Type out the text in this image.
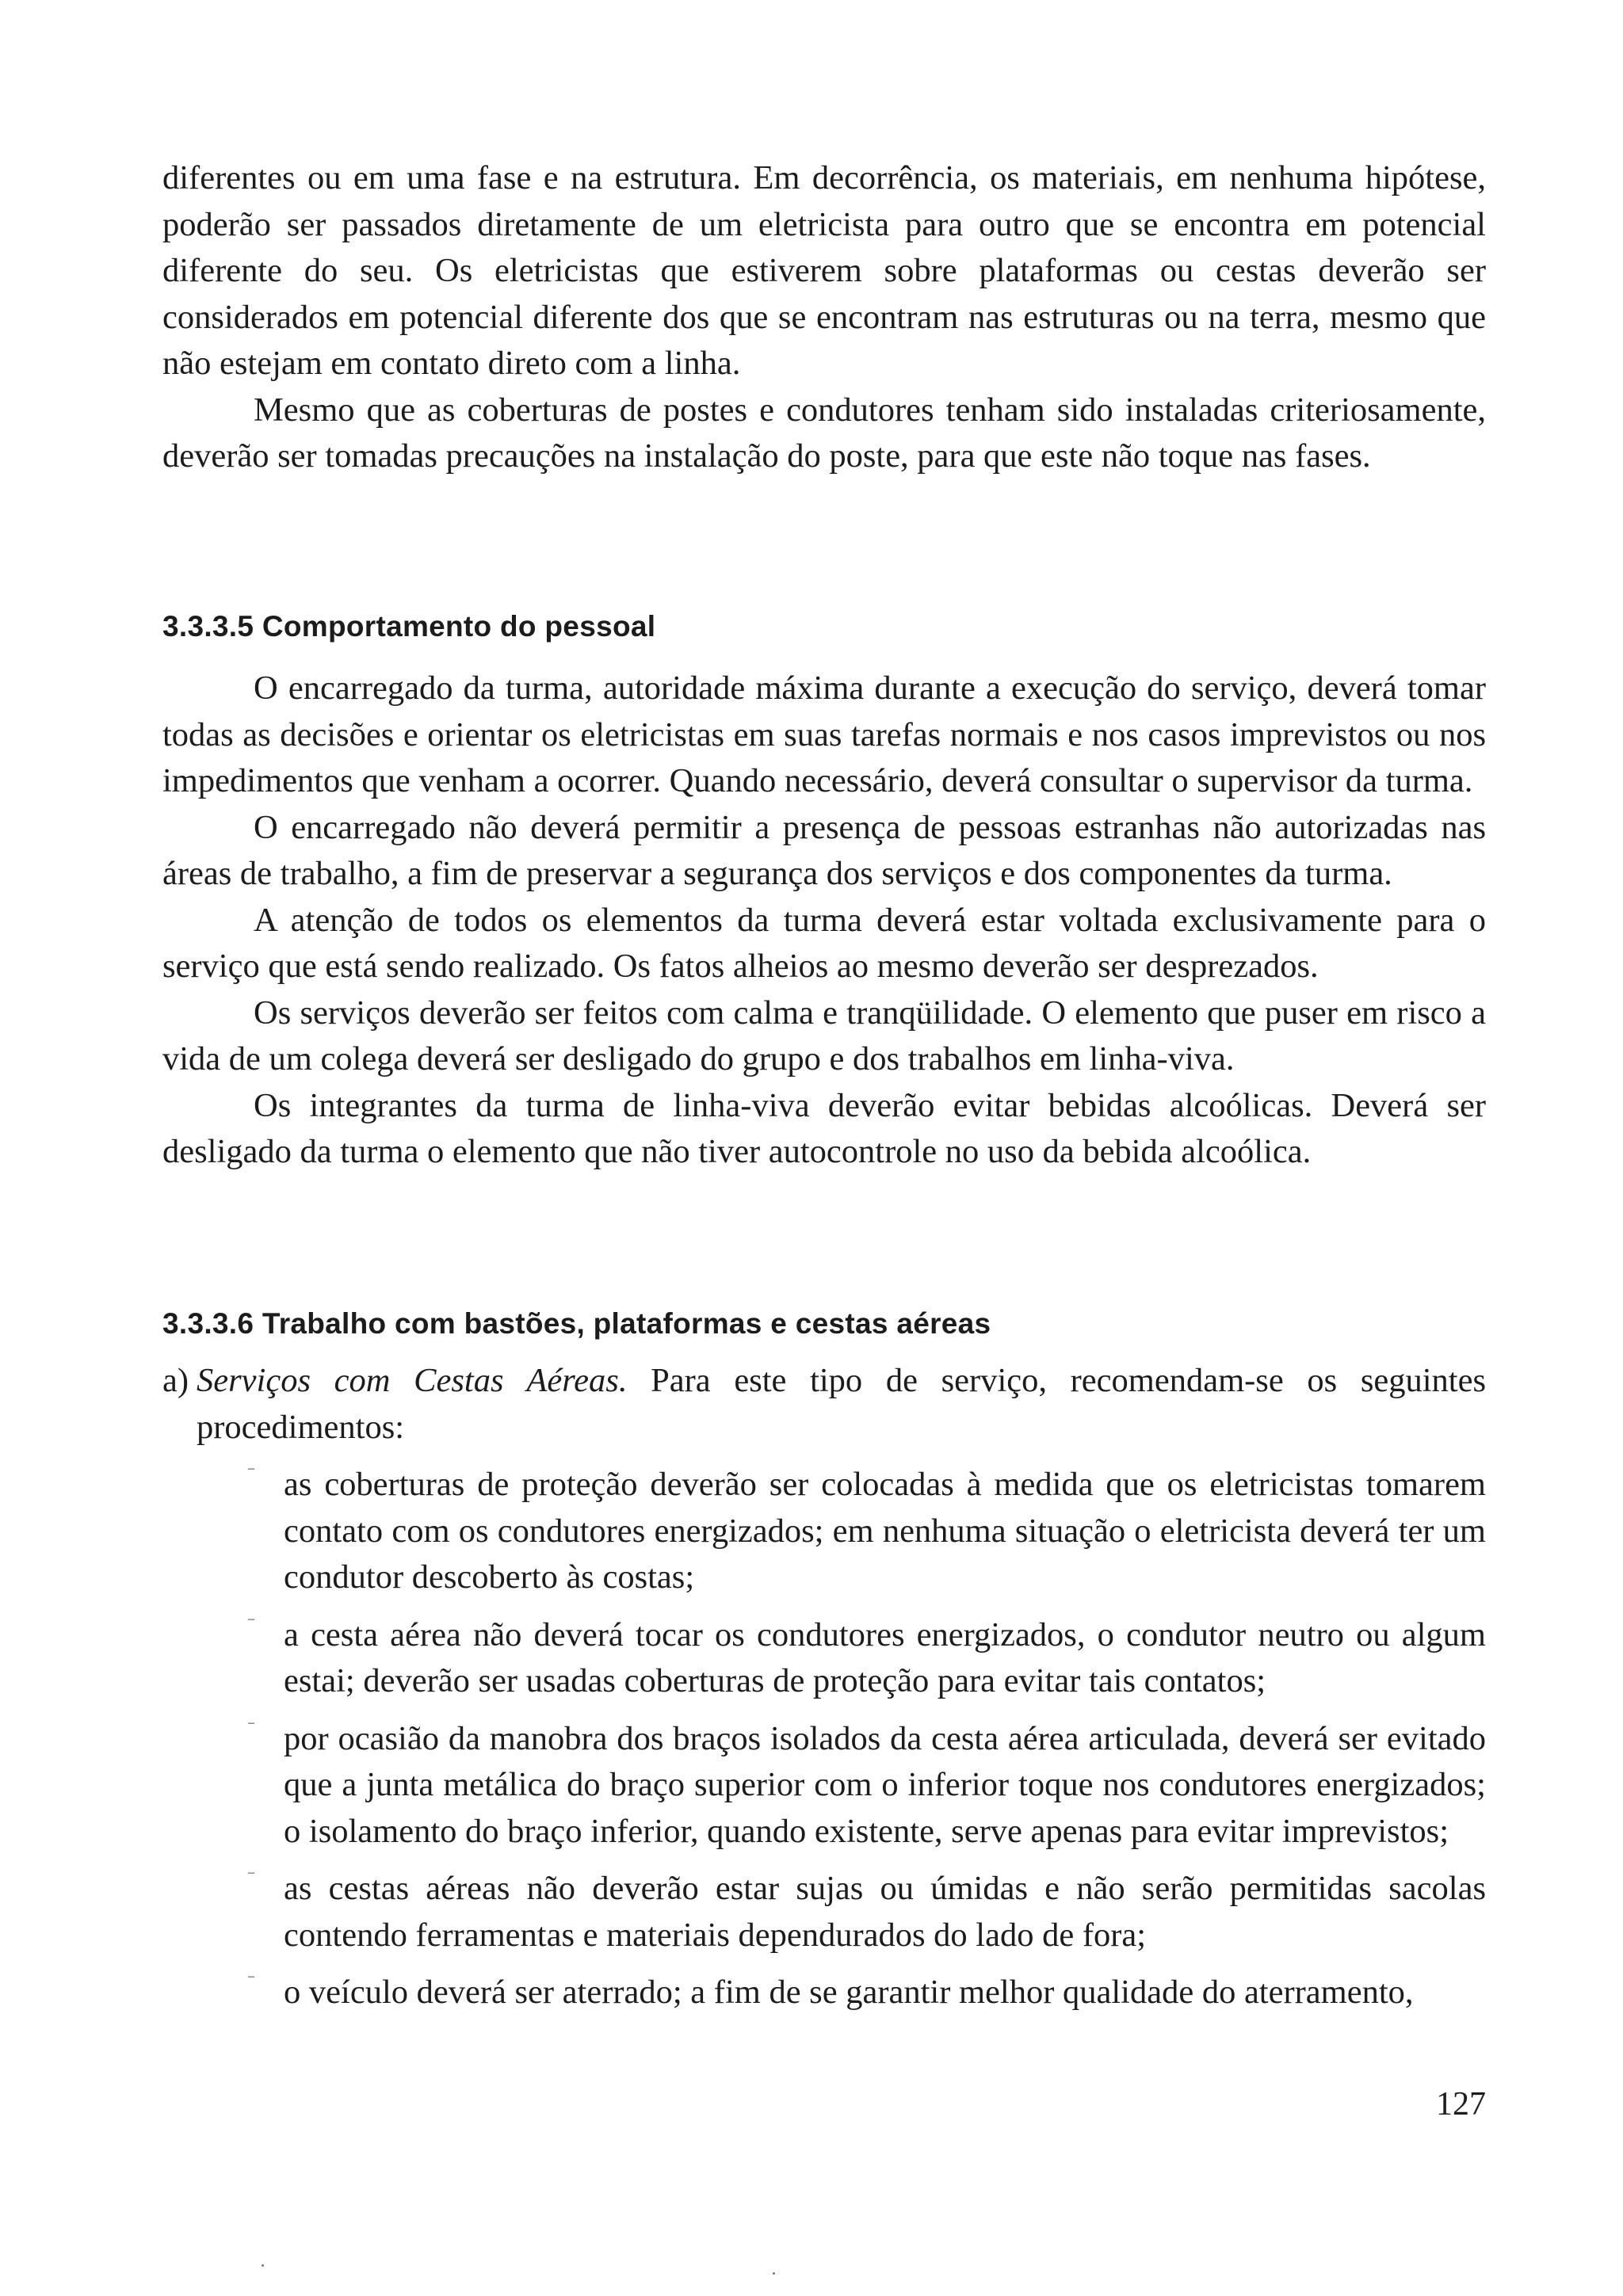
diferentes ou em uma fase e na estrutura. Em decorrência, os materiais, em nenhuma hipótese, poderão ser passados diretamente de um eletricista para outro que se encontra em potencial diferente do seu. Os eletricistas que estiverem sobre plataformas ou cestas deverão ser considerados em potencial diferente dos que se encontram nas estruturas ou na terra, mesmo que não estejam em contato direto com a linha.

Mesmo que as coberturas de postes e condutores tenham sido instaladas criteriosamente, deverão ser tomadas precauções na instalação do poste, para que este não toque nas fases.

3.3.3.5 Comportamento do pessoal

O encarregado da turma, autoridade máxima durante a execução do serviço, deverá tomar todas as decisões e orientar os eletricistas em suas tarefas normais e nos casos imprevistos ou nos impedimentos que venham a ocorrer. Quando necessário, deverá consultar o supervisor da turma.

O encarregado não deverá permitir a presença de pessoas estranhas não autorizadas nas áreas de trabalho, a fim de preservar a segurança dos serviços e dos componentes da turma.

A atenção de todos os elementos da turma deverá estar voltada exclusivamente para o serviço que está sendo realizado. Os fatos alheios ao mesmo deverão ser desprezados.

Os serviços deverão ser feitos com calma e tranqüilidade. O elemento que puser em risco a vida de um colega deverá ser desligado do grupo e dos trabalhos em linha-viva.

Os integrantes da turma de linha-viva deverão evitar bebidas alcoólicas. Deverá ser desligado da turma o elemento que não tiver autocontrole no uso da bebida alcoólica.

3.3.3.6 Trabalho com bastões, plataformas e cestas aéreas

a) Serviços com Cestas Aéreas. Para este tipo de serviço, recomendam-se os seguintes procedimentos:

– as coberturas de proteção deverão ser colocadas à medida que os eletricistas tomarem contato com os condutores energizados; em nenhuma situação o eletricista deverá ter um condutor descoberto às costas;
– a cesta aérea não deverá tocar os condutores energizados, o condutor neutro ou algum estai; deverão ser usadas coberturas de proteção para evitar tais contatos;
– por ocasião da manobra dos braços isolados da cesta aérea articulada, deverá ser evitado que a junta metálica do braço superior com o inferior toque nos condutores energizados; o isolamento do braço inferior, quando existente, serve apenas para evitar imprevistos;
– as cestas aéreas não deverão estar sujas ou úmidas e não serão permitidas sacolas contendo ferramentas e materiais dependurados do lado de fora;
– o veículo deverá ser aterrado; a fim de se garantir melhor qualidade do aterramento,
127
